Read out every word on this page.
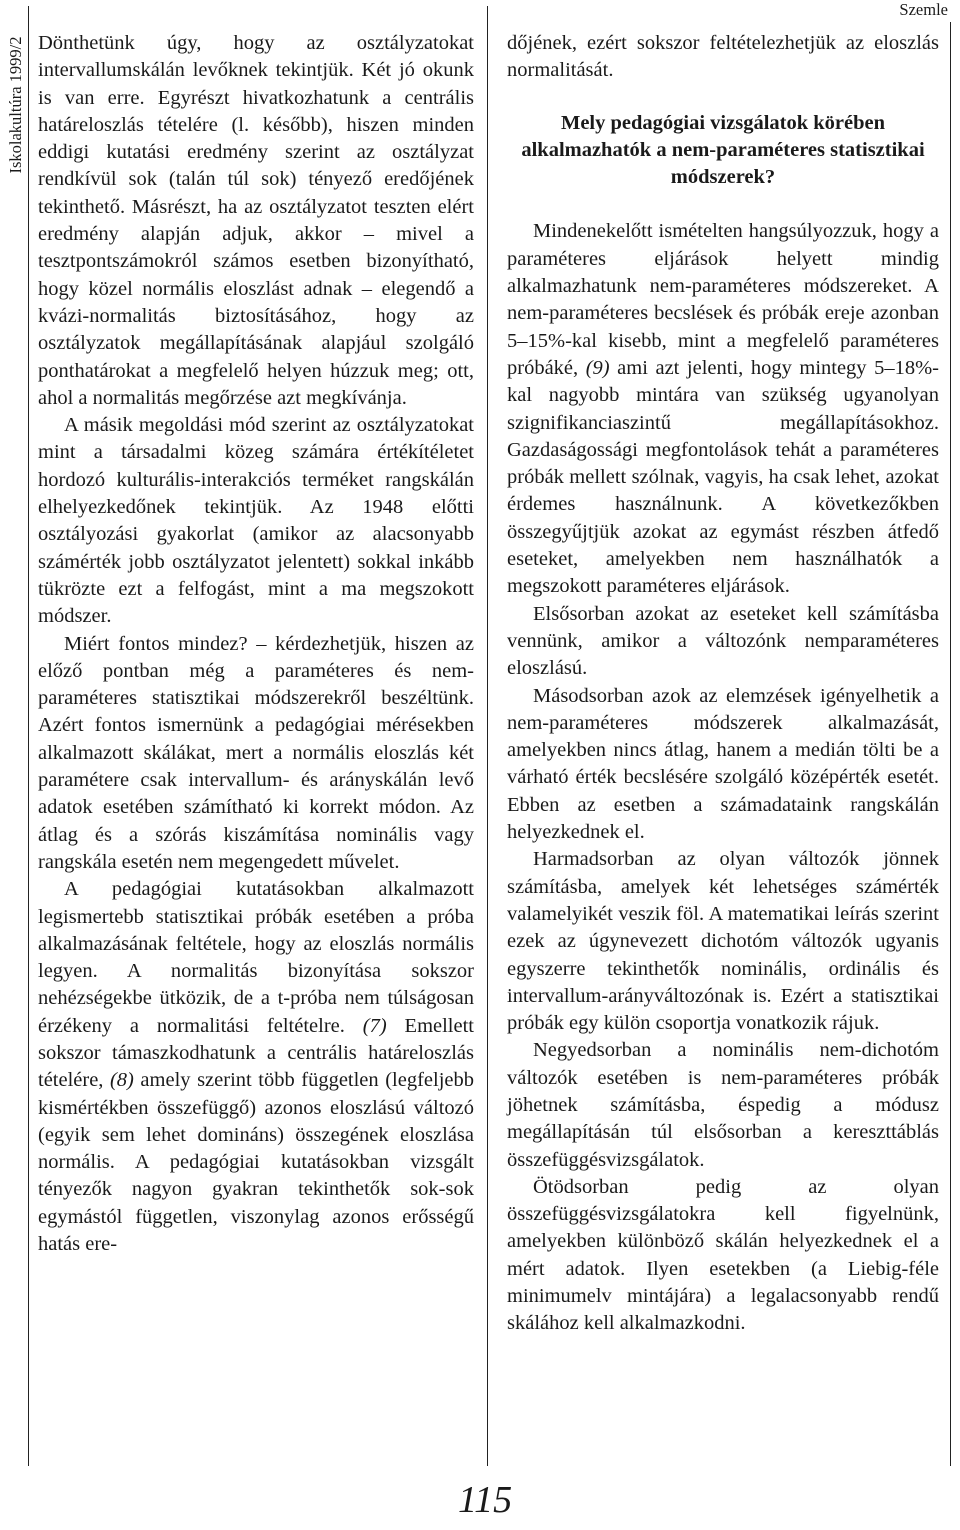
Iskolakultúra 1999/2
Szemle

Dönthetünk úgy, hogy az osztályzatokat intervallumskálán levőknek tekintjük. Két jó okunk is van erre. Egyrészt hivatkozhatunk a centrális határeloszlás tételére (l. később), hiszen minden eddigi kutatási eredmény szerint az osztályzat rendkívül sok (talán túl sok) tényező eredőjének tekinthető. Másrészt, ha az osztályzatot teszten elért eredmény alapján adjuk, akkor – mivel a tesztpontszámokról számos esetben bizonyítható, hogy közel normális eloszlást adnak – elegendő a kvázi-normalitás biztosításához, hogy az osztályzatok megállapításának alapjául szolgáló ponthatárokat a megfelelő helyen húzzuk meg; ott, ahol a normalitás megőrzése azt megkívánja.

A másik megoldási mód szerint az osztályzatokat mint a társadalmi közeg számára értékítéletet hordozó kulturális-interakciós terméket rangskálán elhelyezkedőnek tekintjük. Az 1948 előtti osztályozási gyakorlat (amikor az alacsonyabb számérték jobb osztályzatot jelentett) sokkal inkább tükrözte ezt a felfogást, mint a ma megszokott módszer.

Miért fontos mindez? – kérdezhetjük, hiszen az előző pontban még a paraméteres és nem-paraméteres statisztikai módszerekről beszéltünk. Azért fontos ismernünk a pedagógiai mérésekben alkalmazott skálákat, mert a normális eloszlás két paramétere csak intervallum- és arányskálán levő adatok esetében számítható ki korrekt módon. Az átlag és a szórás kiszámítása nominális vagy rangskála esetén nem megengedett művelet.

A pedagógiai kutatásokban alkalmazott legismertebb statisztikai próbák esetében a próba alkalmazásának feltétele, hogy az eloszlás normális legyen. A normalitás bizonyítása sokszor nehézségekbe ütközik, de a t-próba nem túlságosan érzékeny a normalitási feltételre. (7) Emellett sokszor támaszkodhatunk a centrális határeloszlás tételére, (8) amely szerint több független (legfeljebb kismértékben összefüggő) azonos eloszlású változó (egyik sem lehet domináns) összegének eloszlása normális. A pedagógiai kutatásokban vizsgált tényezők nagyon gyakran tekinthetők sok-sok egymástól független, viszonylag azonos erősségű hatás ere-

dőjének, ezért sokszor feltételezhetjük az eloszlás normalitását.

Mely pedagógiai vizsgálatok körében alkalmazhatók a nem-paraméteres statisztikai módszerek?

Mindenekelőtt ismételten hangsúlyozzuk, hogy a paraméteres eljárások helyett mindig alkalmazhatunk nem-paraméteres módszereket. A nem-paraméteres becslések és próbák ereje azonban 5–15%-kal kisebb, mint a megfelelő paraméteres próbáké, (9) ami azt jelenti, hogy mintegy 5–18%-kal nagyobb mintára van szükség ugyanolyan szignifikanciaszintű megállapításokhoz. Gazdaságossági megfontolások tehát a paraméteres próbák mellett szólnak, vagyis, ha csak lehet, azokat érdemes használnunk. A következőkben összegyűjtjük azokat az egymást részben átfedő eseteket, amelyekben nem használhatók a megszokott paraméteres eljárások.

Elsősorban azokat az eseteket kell számításba vennünk, amikor a változónk nemparaméteres eloszlású.

Másodsorban azok az elemzések igényelhetik a nem-paraméteres módszerek alkalmazását, amelyekben nincs átlag, hanem a medián tölti be a várható érték becslésére szolgáló középérték esetét. Ebben az esetben a számadataink rangskálán helyezkednek el.

Harmadsorban az olyan változók jönnek számításba, amelyek két lehetséges számérték valamelyikét veszik föl. A matematikai leírás szerint ezek az úgynevezett dichotóm változók ugyanis egyszerre tekinthetők nominális, ordinális és intervallum-arányváltozónak is. Ezért a statisztikai próbák egy külön csoportja vonatkozik rájuk.

Negyedsorban a nominális nem-dichotóm változók esetében is nem-paraméteres próbák jöhetnek számításba, éspedig a módusz megállapításán túl elsősorban a kereszttáblás összefüggésvizsgálatok.

Ötödsorban pedig az olyan összefüggésvizsgálatokra kell figyelnünk, amelyekben különböző skálán helyezkednek el a mért adatok. Ilyen esetekben (a Liebig-féle minimumelv mintájára) a legalacsonyabb rendű skálához kell alkalmazkodni.

115
